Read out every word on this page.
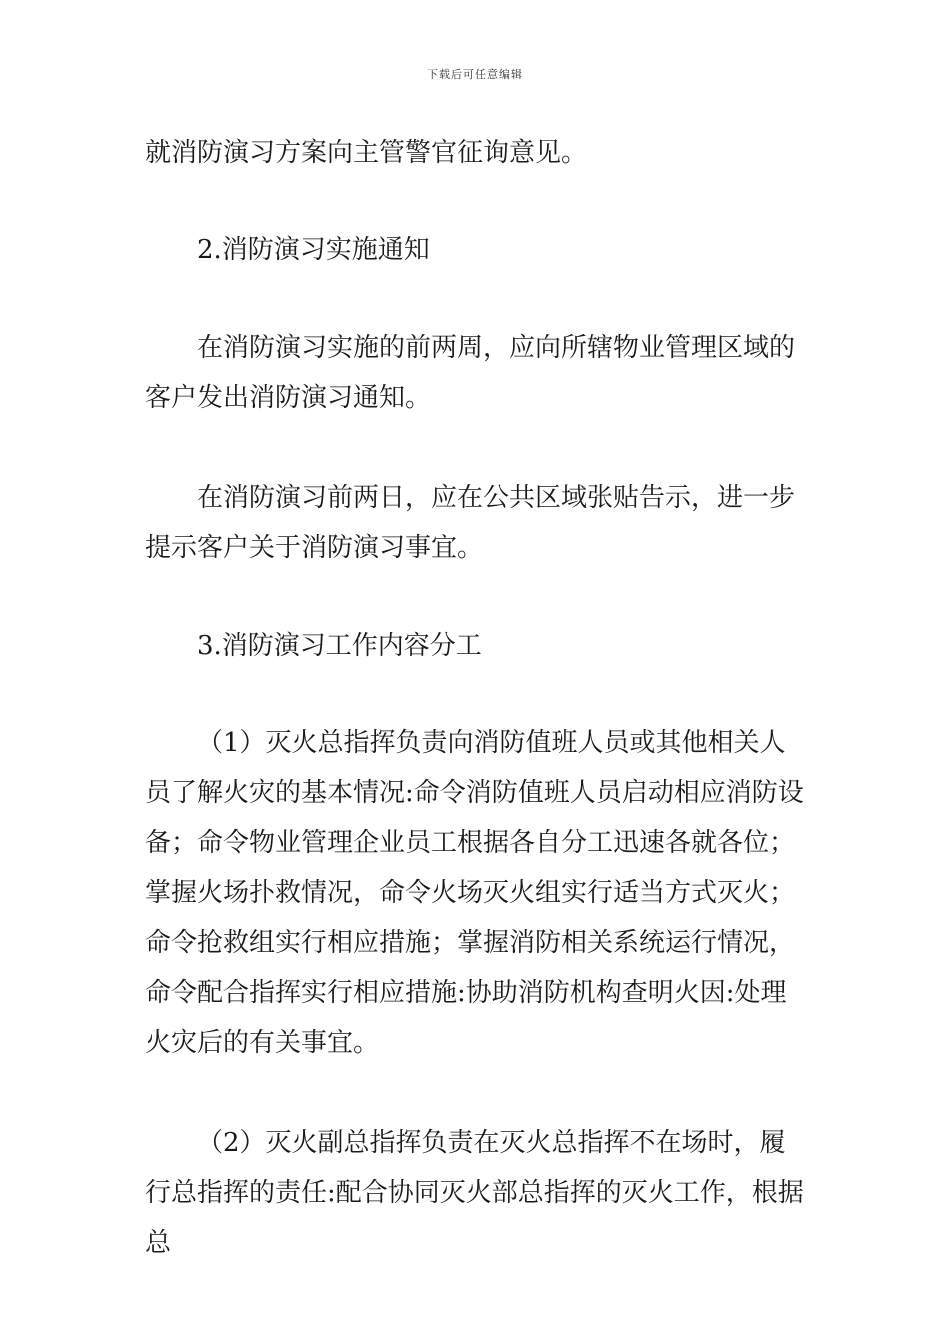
下载后可任意编辑

就消防演习方案向主管警官征询意见。

2.消防演习实施通知

在消防演习实施的前两周，应向所辖物业管理区域的客户发出消防演习通知。

在消防演习前两日，应在公共区域张贴告示，进一步提示客户关于消防演习事宜。

3.消防演习工作内容分工

（1）灭火总指挥负责向消防值班人员或其他相关人员了解火灾的基本情况:命令消防值班人员启动相应消防设备；命令物业管理企业员工根据各自分工迅速各就各位；掌握火场扑救情况，命令火场灭火组实行适当方式灭火；命令抢救组实行相应措施；掌握消防相关系统运行情况，命令配合指挥实行相应措施:协助消防机构查明火因:处理火灾后的有关事宜。

（2）灭火副总指挥负责在灭火总指挥不在场时，履行总指挥的责任:配合协同灭火部总指挥的灭火工作，根据总
